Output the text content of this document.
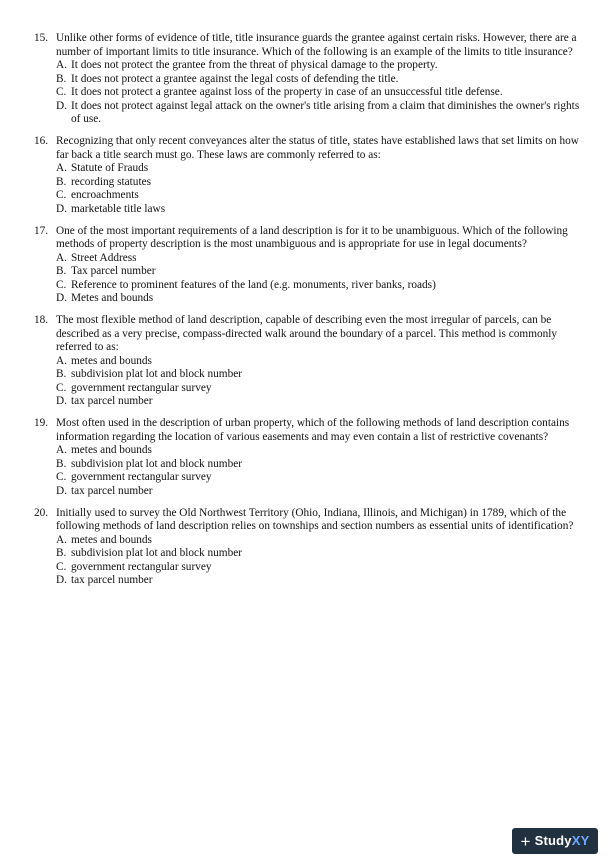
15. Unlike other forms of evidence of title, title insurance guards the grantee against certain risks. However, there are a number of important limits to title insurance. Which of the following is an example of the limits to title insurance?
A. It does not protect the grantee from the threat of physical damage to the property.
B. It does not protect a grantee against the legal costs of defending the title.
C. It does not protect a grantee against loss of the property in case of an unsuccessful title defense.
D. It does not protect against legal attack on the owner's title arising from a claim that diminishes the owner's rights of use.
16. Recognizing that only recent conveyances alter the status of title, states have established laws that set limits on how far back a title search must go. These laws are commonly referred to as:
A. Statute of Frauds
B. recording statutes
C. encroachments
D. marketable title laws
17. One of the most important requirements of a land description is for it to be unambiguous. Which of the following methods of property description is the most unambiguous and is appropriate for use in legal documents?
A. Street Address
B. Tax parcel number
C. Reference to prominent features of the land (e.g. monuments, river banks, roads)
D. Metes and bounds
18. The most flexible method of land description, capable of describing even the most irregular of parcels, can be described as a very precise, compass-directed walk around the boundary of a parcel. This method is commonly referred to as:
A. metes and bounds
B. subdivision plat lot and block number
C. government rectangular survey
D. tax parcel number
19. Most often used in the description of urban property, which of the following methods of land description contains information regarding the location of various easements and may even contain a list of restrictive covenants?
A. metes and bounds
B. subdivision plat lot and block number
C. government rectangular survey
D. tax parcel number
20. Initially used to survey the Old Northwest Territory (Ohio, Indiana, Illinois, and Michigan) in 1789, which of the following methods of land description relies on townships and section numbers as essential units of identification?
A. metes and bounds
B. subdivision plat lot and block number
C. government rectangular survey
D. tax parcel number
+ Study XY
